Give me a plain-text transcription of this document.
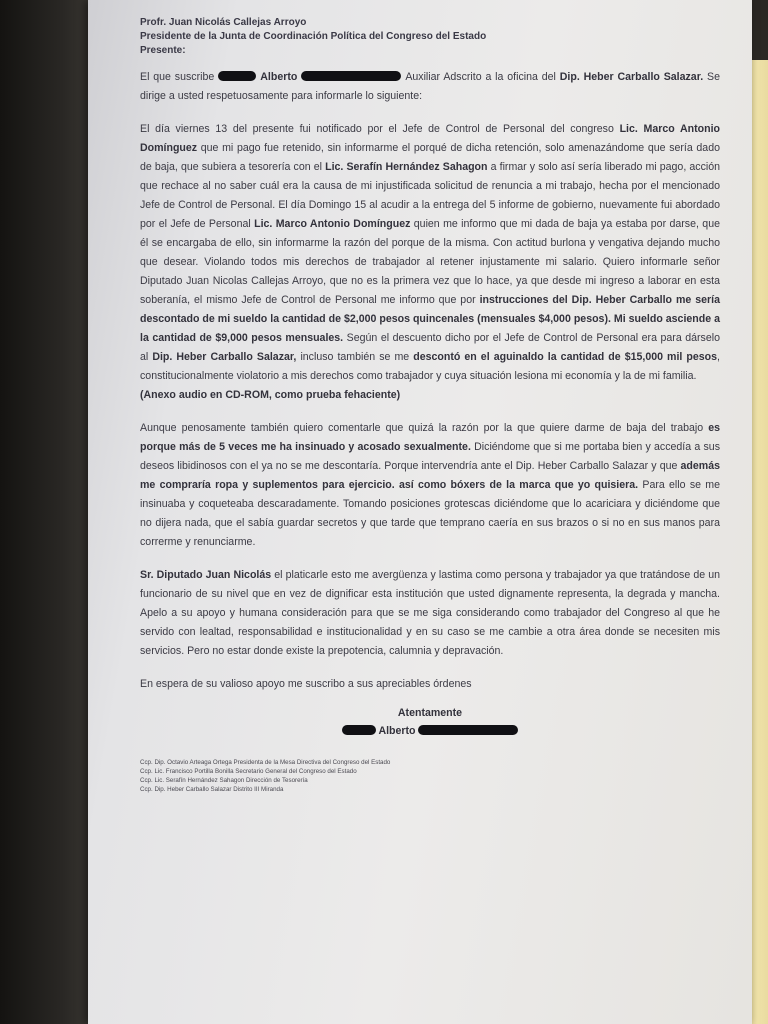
Profr. Juan Nicolás Callejas Arroyo
Presidente de la Junta de Coordinación Política del Congreso del Estado
Presente:

El que suscribe	Alberto	Auxiliar Adscrito a la oficina del Dip. Heber Carballo Salazar. Se dirige a usted respetuosamente para informarle lo siguiente:

El día viernes 13 del presente fui notificado por el Jefe de Control de Personal del congreso Lic. Marco Antonio Domínguez que mi pago fue retenido, sin informarme el porqué de dicha retención, solo amenazándome que sería dado de baja, que subiera a tesorería con el Lic. Serafín Hernández Sahagon a firmar y solo así sería liberado mi pago, acción que rechace al no saber cuál era la causa de mi injustificada solicitud de renuncia a mi trabajo, hecha por el mencionado Jefe de Control de Personal. El día Domingo 15 al acudir a la entrega del 5 informe de gobierno, nuevamente fui abordado por el Jefe de Personal Lic. Marco Antonio Domínguez quien me informo que mi dada de baja ya estaba por darse, que él se encargaba de ello, sin informarme la razón del porque de la misma. Con actitud burlona y vengativa dejando mucho que desear. Violando todos mis derechos de trabajador al retener injustamente mi salario. Quiero informarle señor Diputado Juan Nicolas Callejas Arroyo, que no es la primera vez que lo hace, ya que desde mi ingreso a laborar en esta soberanía, el mismo Jefe de Control de Personal me informo que por instrucciones del Dip. Heber Carballo me sería descontado de mi sueldo la cantidad de $2,000 pesos quincenales (mensuales $4,000 pesos). Mi sueldo asciende a la cantidad de $9,000 pesos mensuales. Según el descuento dicho por el Jefe de Control de Personal era para dárselo al Dip. Heber Carballo Salazar, incluso también se me descontó en el aguinaldo la cantidad de $15,000 mil pesos, constitucionalmente violatorio a mis derechos como trabajador y cuya situación lesiona mi economía y la de mi familia.
(Anexo audio en CD-ROM, como prueba fehaciente)

Aunque penosamente también quiero comentarle que quizá la razón por la que quiere darme de baja del trabajo es porque más de 5 veces me ha insinuado y acosado sexualmente. Diciéndome que si me portaba bien y accedía a sus deseos libidinosos con el ya no se me descontaría. Porque intervendría ante el Dip. Heber Carballo Salazar y que además me compraría ropa y suplementos para ejercicio. así como bóxers de la marca que yo quisiera. Para ello se me insinuaba y coqueteaba descaradamente. Tomando posiciones grotescas diciéndome que lo acariciara y diciéndome que no dijera nada, que el sabía guardar secretos y que tarde que temprano caería en sus brazos o si no en sus manos para correrme y renunciarme.

Sr. Diputado Juan Nicolás el platicarle esto me avergüenza y lastima como persona y trabajador ya que tratándose de un funcionario de su nivel que en vez de dignificar esta institución que usted dignamente representa, la degrada y mancha. Apelo a su apoyo y humana consideración para que se me siga considerando como trabajador del Congreso al que he servido con lealtad, responsabilidad e institucionalidad y en su caso se me cambie a otra área donde se necesiten mis servicios. Pero no estar donde existe la prepotencia, calumnia y depravación.

En espera de su valioso apoyo me suscribo a sus apreciables órdenes

Atentamente
Alberto
Ccp. Dip. Octavio Arteaga Ortega Presidenta de la Mesa Directiva del Congreso del Estado
Ccp. Lic. Francisco Portilla Bonilla Secretario General del Congreso del Estado
Ccp. Lic. Serafín Hernández Sahagon Dirección de Tesorería
Ccp. Dip. Heber Carballo Salazar Distrito III Miranda
